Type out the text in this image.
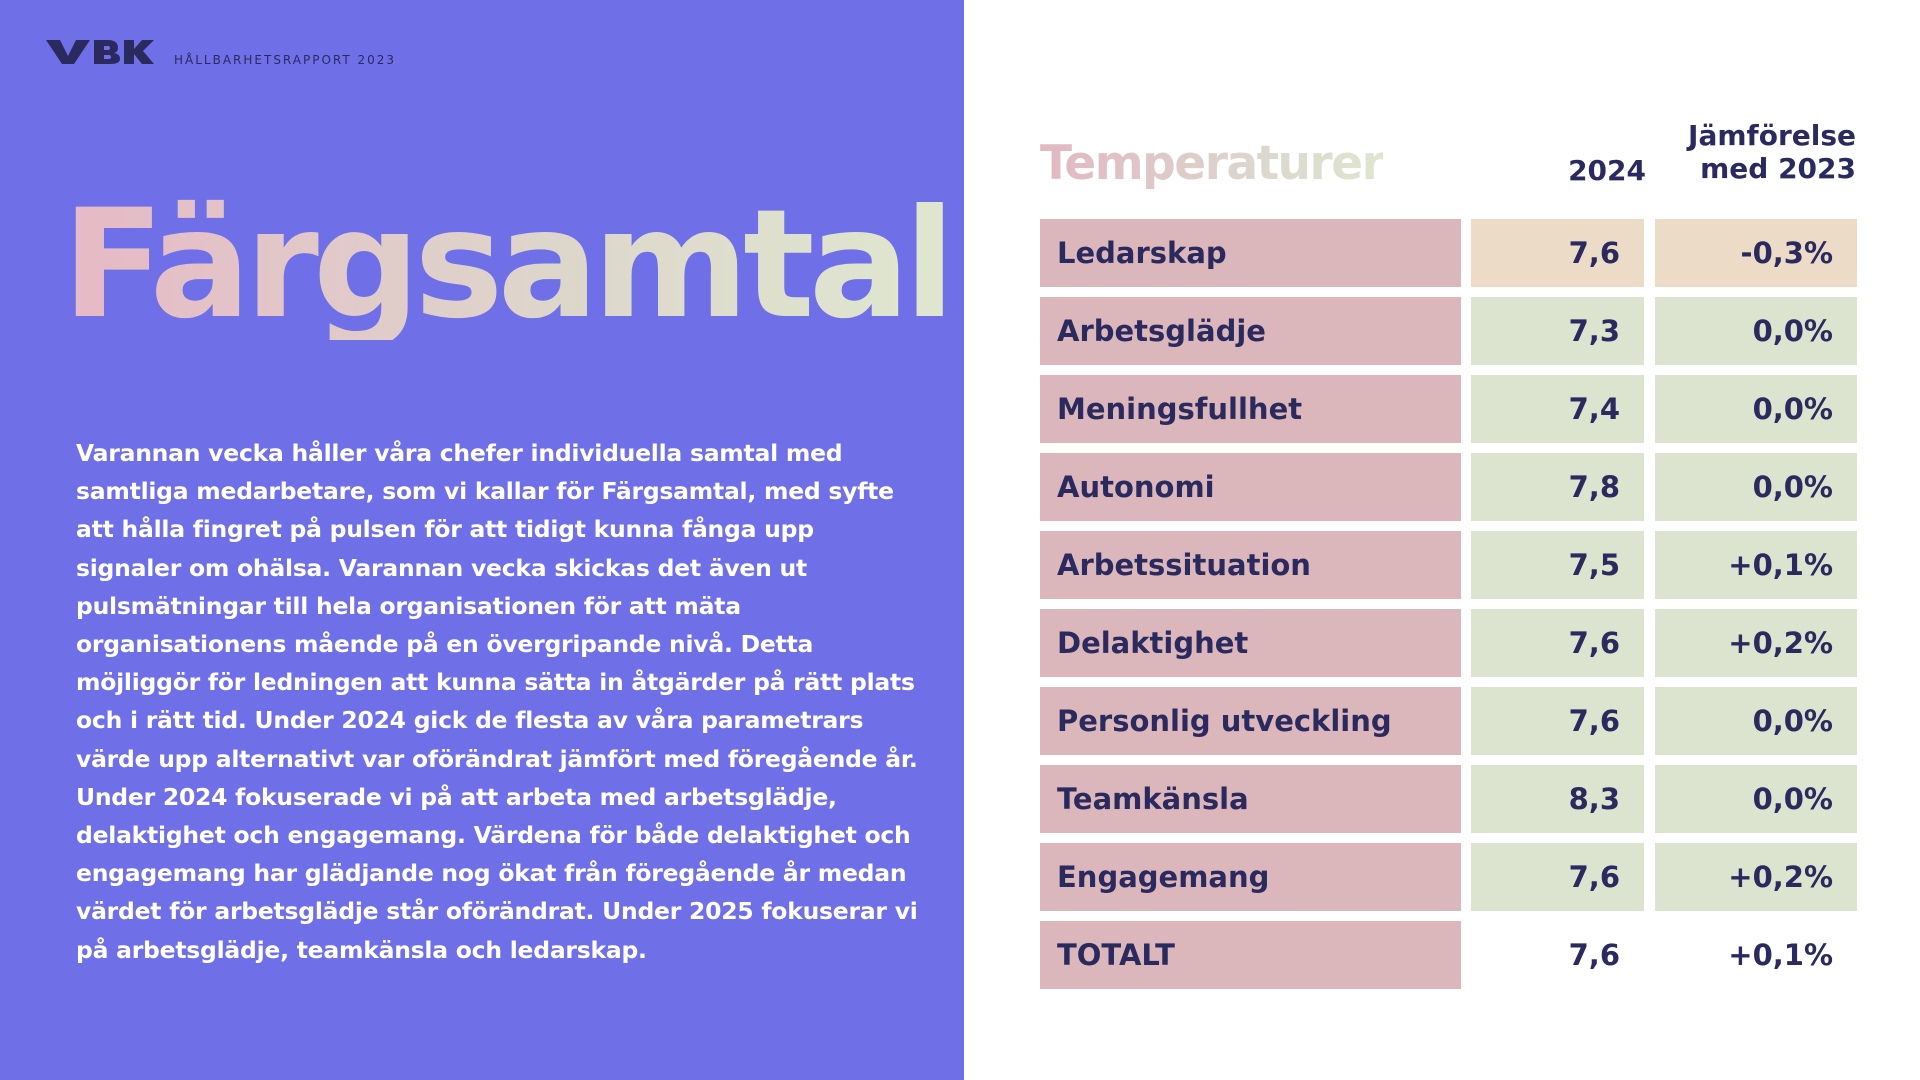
HÅLLBARHETSRAPPORT 2023
Färgsamtal

Varannan vecka håller våra chefer individuella samtal med samtliga medarbetare, som vi kallar för Färgsamtal, med syfte att hålla fingret på pulsen för att tidigt kunna fånga upp signaler om ohälsa. Varannan vecka skickas det även ut pulsmätningar till hela organisationen för att mäta organisationens mående på en övergripande nivå. Detta möjliggör för ledningen att kunna sätta in åtgärder på rätt plats och i rätt tid. Under 2024 gick de flesta av våra parametrars värde upp alternativt var oförändrat jämfört med föregående år. Under 2024 fokuserade vi på att arbeta med arbetsglädje, delaktighet och engagemang. Värdena för både delaktighet och engagemang har glädjande nog ökat från föregående år medan värdet för arbetsglädje står oförändrat. Under 2025 fokuserar vi på arbetsglädje, teamkänsla och ledarskap.

Temperaturer	2024
Jämförelse
med 2023
Ledarskap	7,6	-0,3%
Arbetsglädje	7,3	0,0%
Meningsfullhet	7,4	0,0%
Autonomi	7,8	0,0%
Arbetssituation	7,5	+0,1%
Delaktighet	7,6	+0,2%
Personlig utveckling	7,6	0,0%
Teamkänsla	8,3	0,0%
Engagemang	7,6	+0,2%
TOTALT	7,6	+0,1%
